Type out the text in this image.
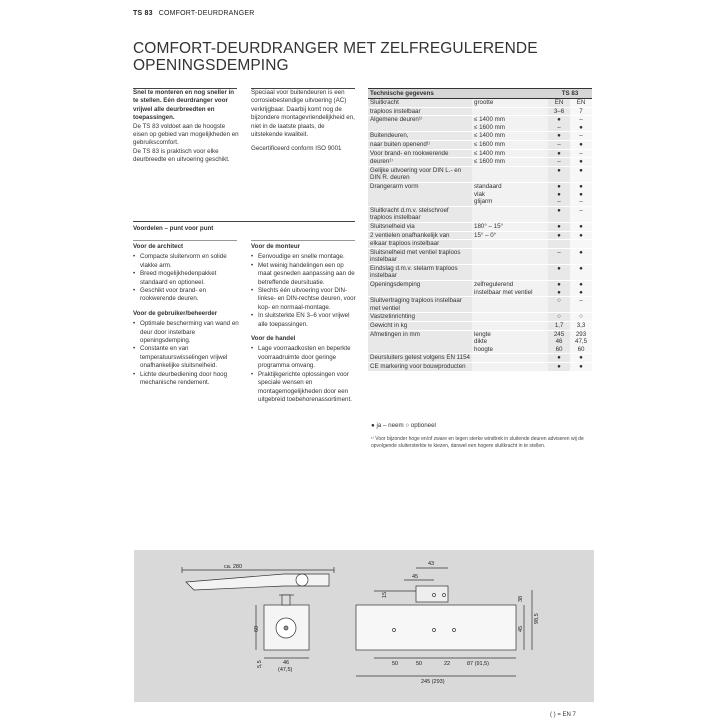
TS 83 COMFORT-DEURDRANGER
COMFORT-DEURDRANGER MET ZELFREGULERENDE
OPENINGSDEMPING

Snel te monteren en nog sneller in te stellen. Eén deurdranger voor vrijwel alle deurbreedten en toepassingen.
De TS 83 voldoet aan de hoogste eisen op gebied van mogelijkheden en gebruikscomfort.
De TS 83 is praktisch voor elke deurbreedte en uitvoering geschikt.

Speciaal voor buitendeuren is een corrosiebestendige uitvoering (AC) verkrijgbaar. Daarbij komt nog de bijzondere montagevriendelijkheid en, niet in de laatste plaats, de uitstekende kwaliteit.

Gecertificeerd conform ISO 9001

Voordelen – punt voor punt
Voor de architect
• Compacte sluitervorm en solide vlakke arm.
• Breed mogelijkhedenpakket standaard en optioneel.
• Geschikt voor brand- en rookwerende deuren.
Voor de gebruiker/beheerder
• Optimale bescherming van wand en deur door instelbare openingsdemping.
• Constante en van temperatuurswisselingen vrijwel onafhankelijke sluitsnelheid.
• Lichte deurbediening door hoog mechanische rendement.
Voor de monteur
• Eenvoudige en snelle montage.
• Met weinig handelingen een op maat gesneden aanpassing aan de betreffende deursituatie.
• Slechts één uitvoering voor DIN-linkse- en DIN-rechtse deuren, voor kop- en normaal-montage.
• In sluitsterkte EN 3–6 voor vrijwel alle toepassingen.
Voor de handel
• Lage voorraadkosten en beperkte voorraadruimte door geringe programma omvang.
• Praktijkgerichte oplossingen voor speciale wensen en montagemogelijkheden door een uitgebreid toebehorenassortiment.
Technische gegevens		TS 83	
Sluitkracht	grootte	EN	EN
traploos instelbaar		3–6	7
Algemene deuren¹⁾	≤ 1400 mm	●	–
	≤ 1600 mm	–	●
Buitendeuren,	≤ 1400 mm	●	–
naar buiten openend¹⁾	≤ 1600 mm	–	●
Voor brand- en rookwerende	≤ 1400 mm	●	–
deuren¹⁾	≤ 1600 mm	–	●
Gelijke uitvoering voor DIN L.- en DIN R. deuren		●	●
Drangerarm vorm	standaard	●	●
	vlak	●	●
	glijarm	–	–
Sluitkracht d.m.v. stelschroef traploos instelbaar		●	–
Sluitsnelheid via	180° – 15°	●	●
2 ventielen onafhankelijk van	15° – 0°	●	●
elkaar traploos instelbaar			
Sluitsnelheid met ventiel traploos instelbaar		–	●
Eindslag d.m.v. stelarm traploos instelbaar		●	●
Openingsdemping	zelfregulerend	●	●
	instelbaar met ventiel	●	●
Sluitvertraging traploos instelbaar met ventiel		○	–
Vastzetinrichting		○	○
Gewicht in kg		1,7	3,3
Afmetingen in mm	lengte	245	293
	dikte	46	47,5
	hoogte	60	60
Deursluiters getest volgens EN 1154		●	●
CE markering voor bouwproducten		●	●
● ja – neem ○ optioneel
¹⁾ Voor bijzonder hoge en/of zware en tegen sterke windtrek in sluitende deuren adviseren wij de opvolgende sluitersterkte te kiezen, danwel een hogere sluitkracht in te stellen.
ca. 280
60
5,5	46
(47,5)
43
45
15
38
45
98,5
50	50	22	87 (91,5)
245 (293)
( ) = EN 7
